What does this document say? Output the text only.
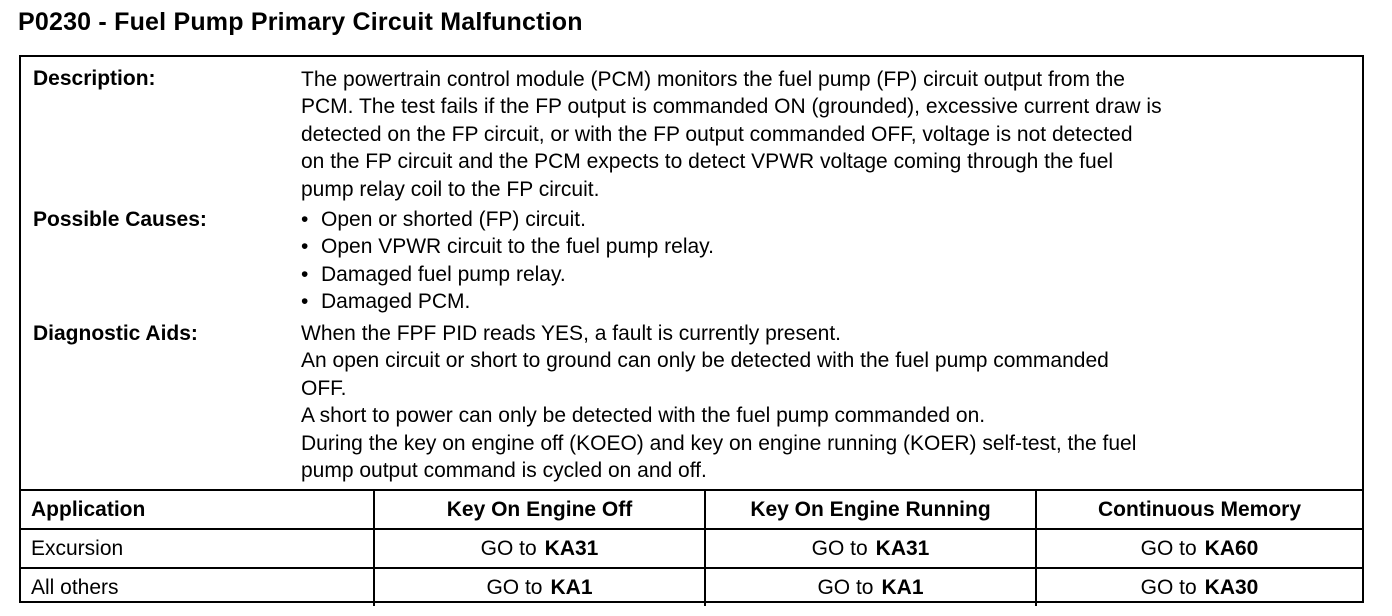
P0230 - Fuel Pump Primary Circuit Malfunction
Description:	The powertrain control module (PCM) monitors the fuel pump (FP) circuit output from the
PCM. The test fails if the FP output is commanded ON (grounded), excessive current draw is
detected on the FP circuit, or with the FP output commanded OFF, voltage is not detected
on the FP circuit and the PCM expects to detect VPWR voltage coming through the fuel
pump relay coil to the FP circuit.
Possible Causes:	• Open or shorted (FP) circuit.
• Open VPWR circuit to the fuel pump relay.
• Damaged fuel pump relay.
• Damaged PCM.
Diagnostic Aids:	When the FPF PID reads YES, a fault is currently present.
An open circuit or short to ground can only be detected with the fuel pump commanded
OFF.
A short to power can only be detected with the fuel pump commanded on.
During the key on engine off (KOEO) and key on engine running (KOER) self-test, the fuel
pump output command is cycled on and off.
Application	Key On Engine Off	Key On Engine Running	Continuous Memory
Excursion	GO to KA31	GO to KA31	GO to KA60
All others	GO to KA1	GO to KA1	GO to KA30
